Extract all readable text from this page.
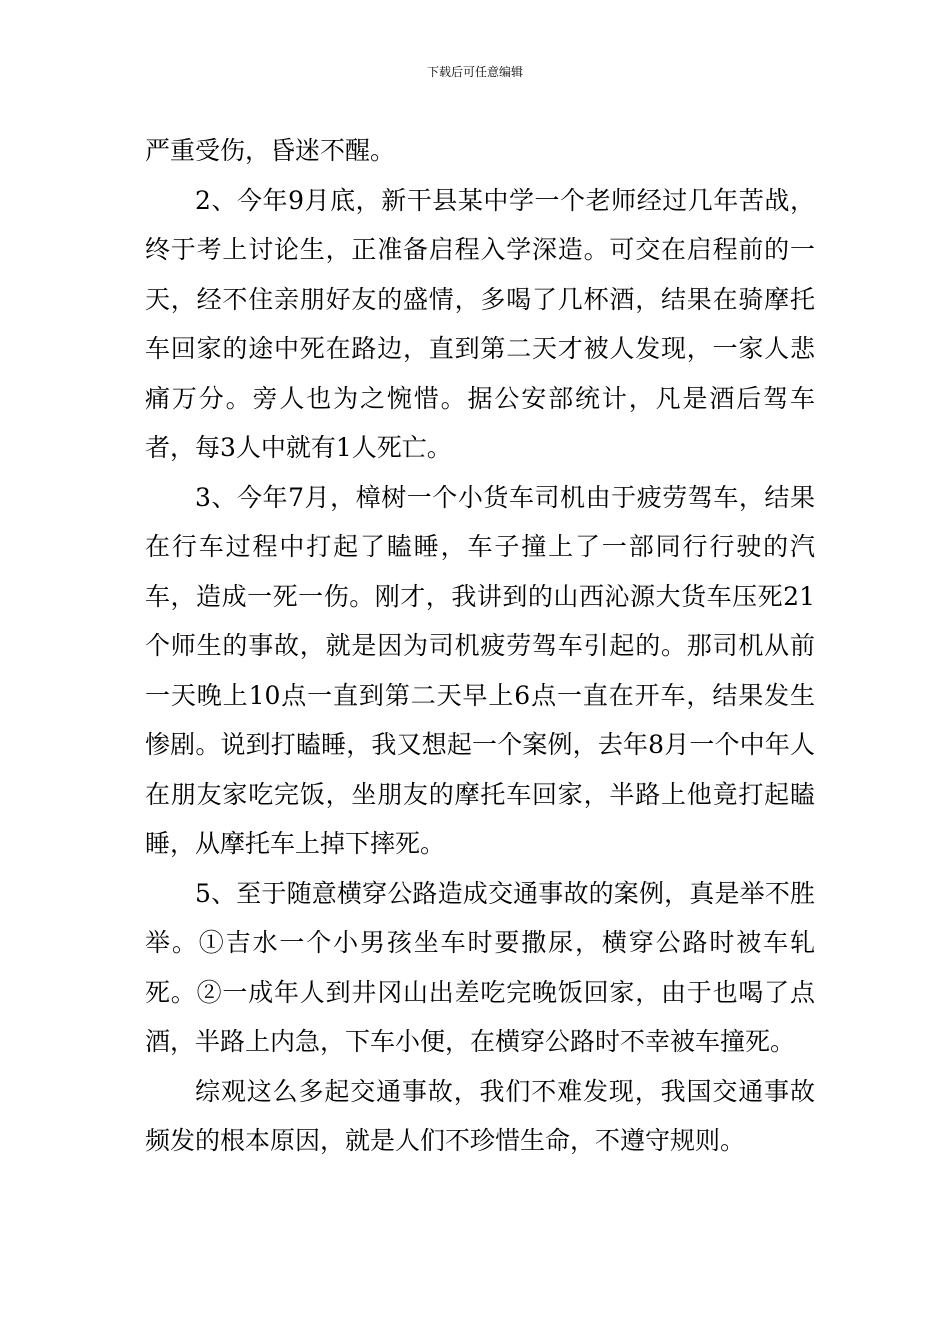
下载后可任意编辑

严重受伤，昏迷不醒。

2、今年9月底，新干县某中学一个老师经过几年苦战，终于考上讨论生，正准备启程入学深造。可交在启程前的一天，经不住亲朋好友的盛情，多喝了几杯酒，结果在骑摩托车回家的途中死在路边，直到第二天才被人发现，一家人悲痛万分。旁人也为之惋惜。据公安部统计，凡是酒后驾车者，每3人中就有1人死亡。

3、今年7月，樟树一个小货车司机由于疲劳驾车，结果在行车过程中打起了瞌睡，车子撞上了一部同行行驶的汽车，造成一死一伤。刚才，我讲到的山西沁源大货车压死21个师生的事故，就是因为司机疲劳驾车引起的。那司机从前一天晚上10点一直到第二天早上6点一直在开车，结果发生惨剧。说到打瞌睡，我又想起一个案例，去年8月一个中年人在朋友家吃完饭，坐朋友的摩托车回家，半路上他竟打起瞌睡，从摩托车上掉下摔死。

5、至于随意横穿公路造成交通事故的案例，真是举不胜举。①吉水一个小男孩坐车时要撒尿，横穿公路时被车轧死。②一成年人到井冈山出差吃完晚饭回家，由于也喝了点酒，半路上内急，下车小便，在横穿公路时不幸被车撞死。

综观这么多起交通事故，我们不难发现，我国交通事故频发的根本原因，就是人们不珍惜生命，不遵守规则。
